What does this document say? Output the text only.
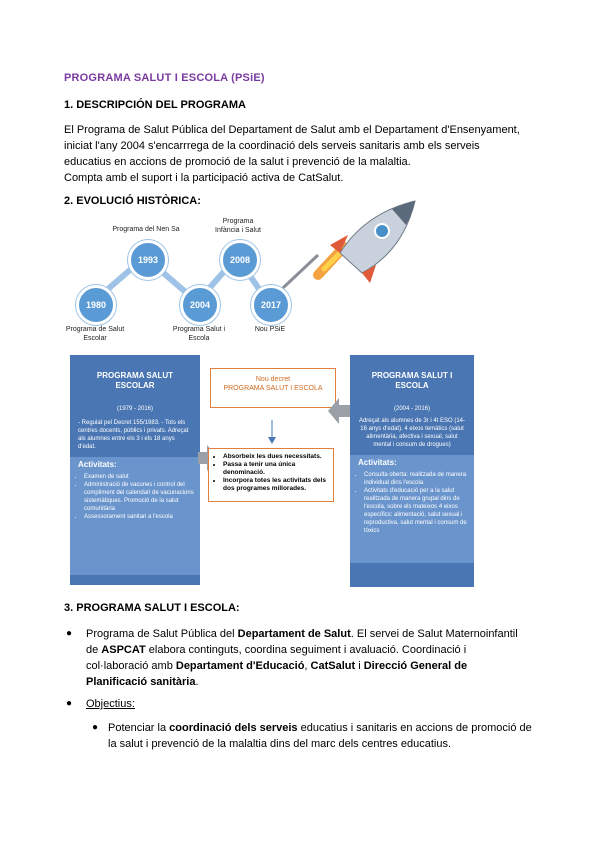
PROGRAMA SALUT I ESCOLA (PSiE)
1. DESCRIPCIÓN DEL PROGRAMA

El Programa de Salut Pública del Departament de Salut amb el Departament d'Ensenyament,

iniciat l'any 2004 s'encarrrega de la coordinació dels serveis sanitaris amb els serveis

educatius en accions de promoció de la salut i prevenció de la malaltia.

Compta amb el suport i la participació activa de CatSalut.

2. EVOLUCIÓ HISTÒRICA:
1980
1993
2004
2008
2017
Programa de Salut Escolar
Programa del Nen Sa
Programa Salut i Escola
Programa Infància i Salut
Nou PSiE
PROGRAMA SALUT ESCOLAR
(1979 - 2016)
- Regulat pel Decret 155/1983. - Tots els centres docents, públics i privats. Adreçat als alumnes entre els 3 i els 18 anys d'edat.
Activitats:
• Examen de salut
• Administració de vacunes i control del compliment del calendari de vacunacions sistemàtiques. Promoció de la salut comunitària
• Assessorament sanitari a l'escola
Nou decret
PROGRAMA SALUT I ESCOLA
• Absorbeix les dues necessitats.
• Passa a tenir una única denominació.
• Incorpora totes les activitats dels dos programes millorades.
PROGRAMA SALUT I ESCOLA
(2004 - 2016)
Adreçat als alumnes de 3r i 4t ESO (14-16 anys d'edat). 4 eixos temàtics (salut alimentària, afectiva i sexual, salut mental i consum de drogues)
Activitats:
• Consulta oberta: realitzada de manera individual dins l'escola
• Activitats d'educació per a la salut realitzada de manera grupal dins de l'escola, sobre els mateixos 4 eixos específics: alimentació, salut sexual i reproductiva, salut mental i consum de tòxics
3. PROGRAMA SALUT I ESCOLA:
● Programa de Salut Pública del Departament de Salut. El servei de Salut Maternoinfantil de ASPCAT elabora continguts, coordina seguiment i avaluació. Coordinació i col·laboració amb Departament d'Educació, CatSalut i Direcció General de Planificació sanitària.
● Objectius:
● Potenciar la coordinació dels serveis educatius i sanitaris en accions de promoció de la salut i prevenció de la malaltia dins del marc dels centres educatius.
